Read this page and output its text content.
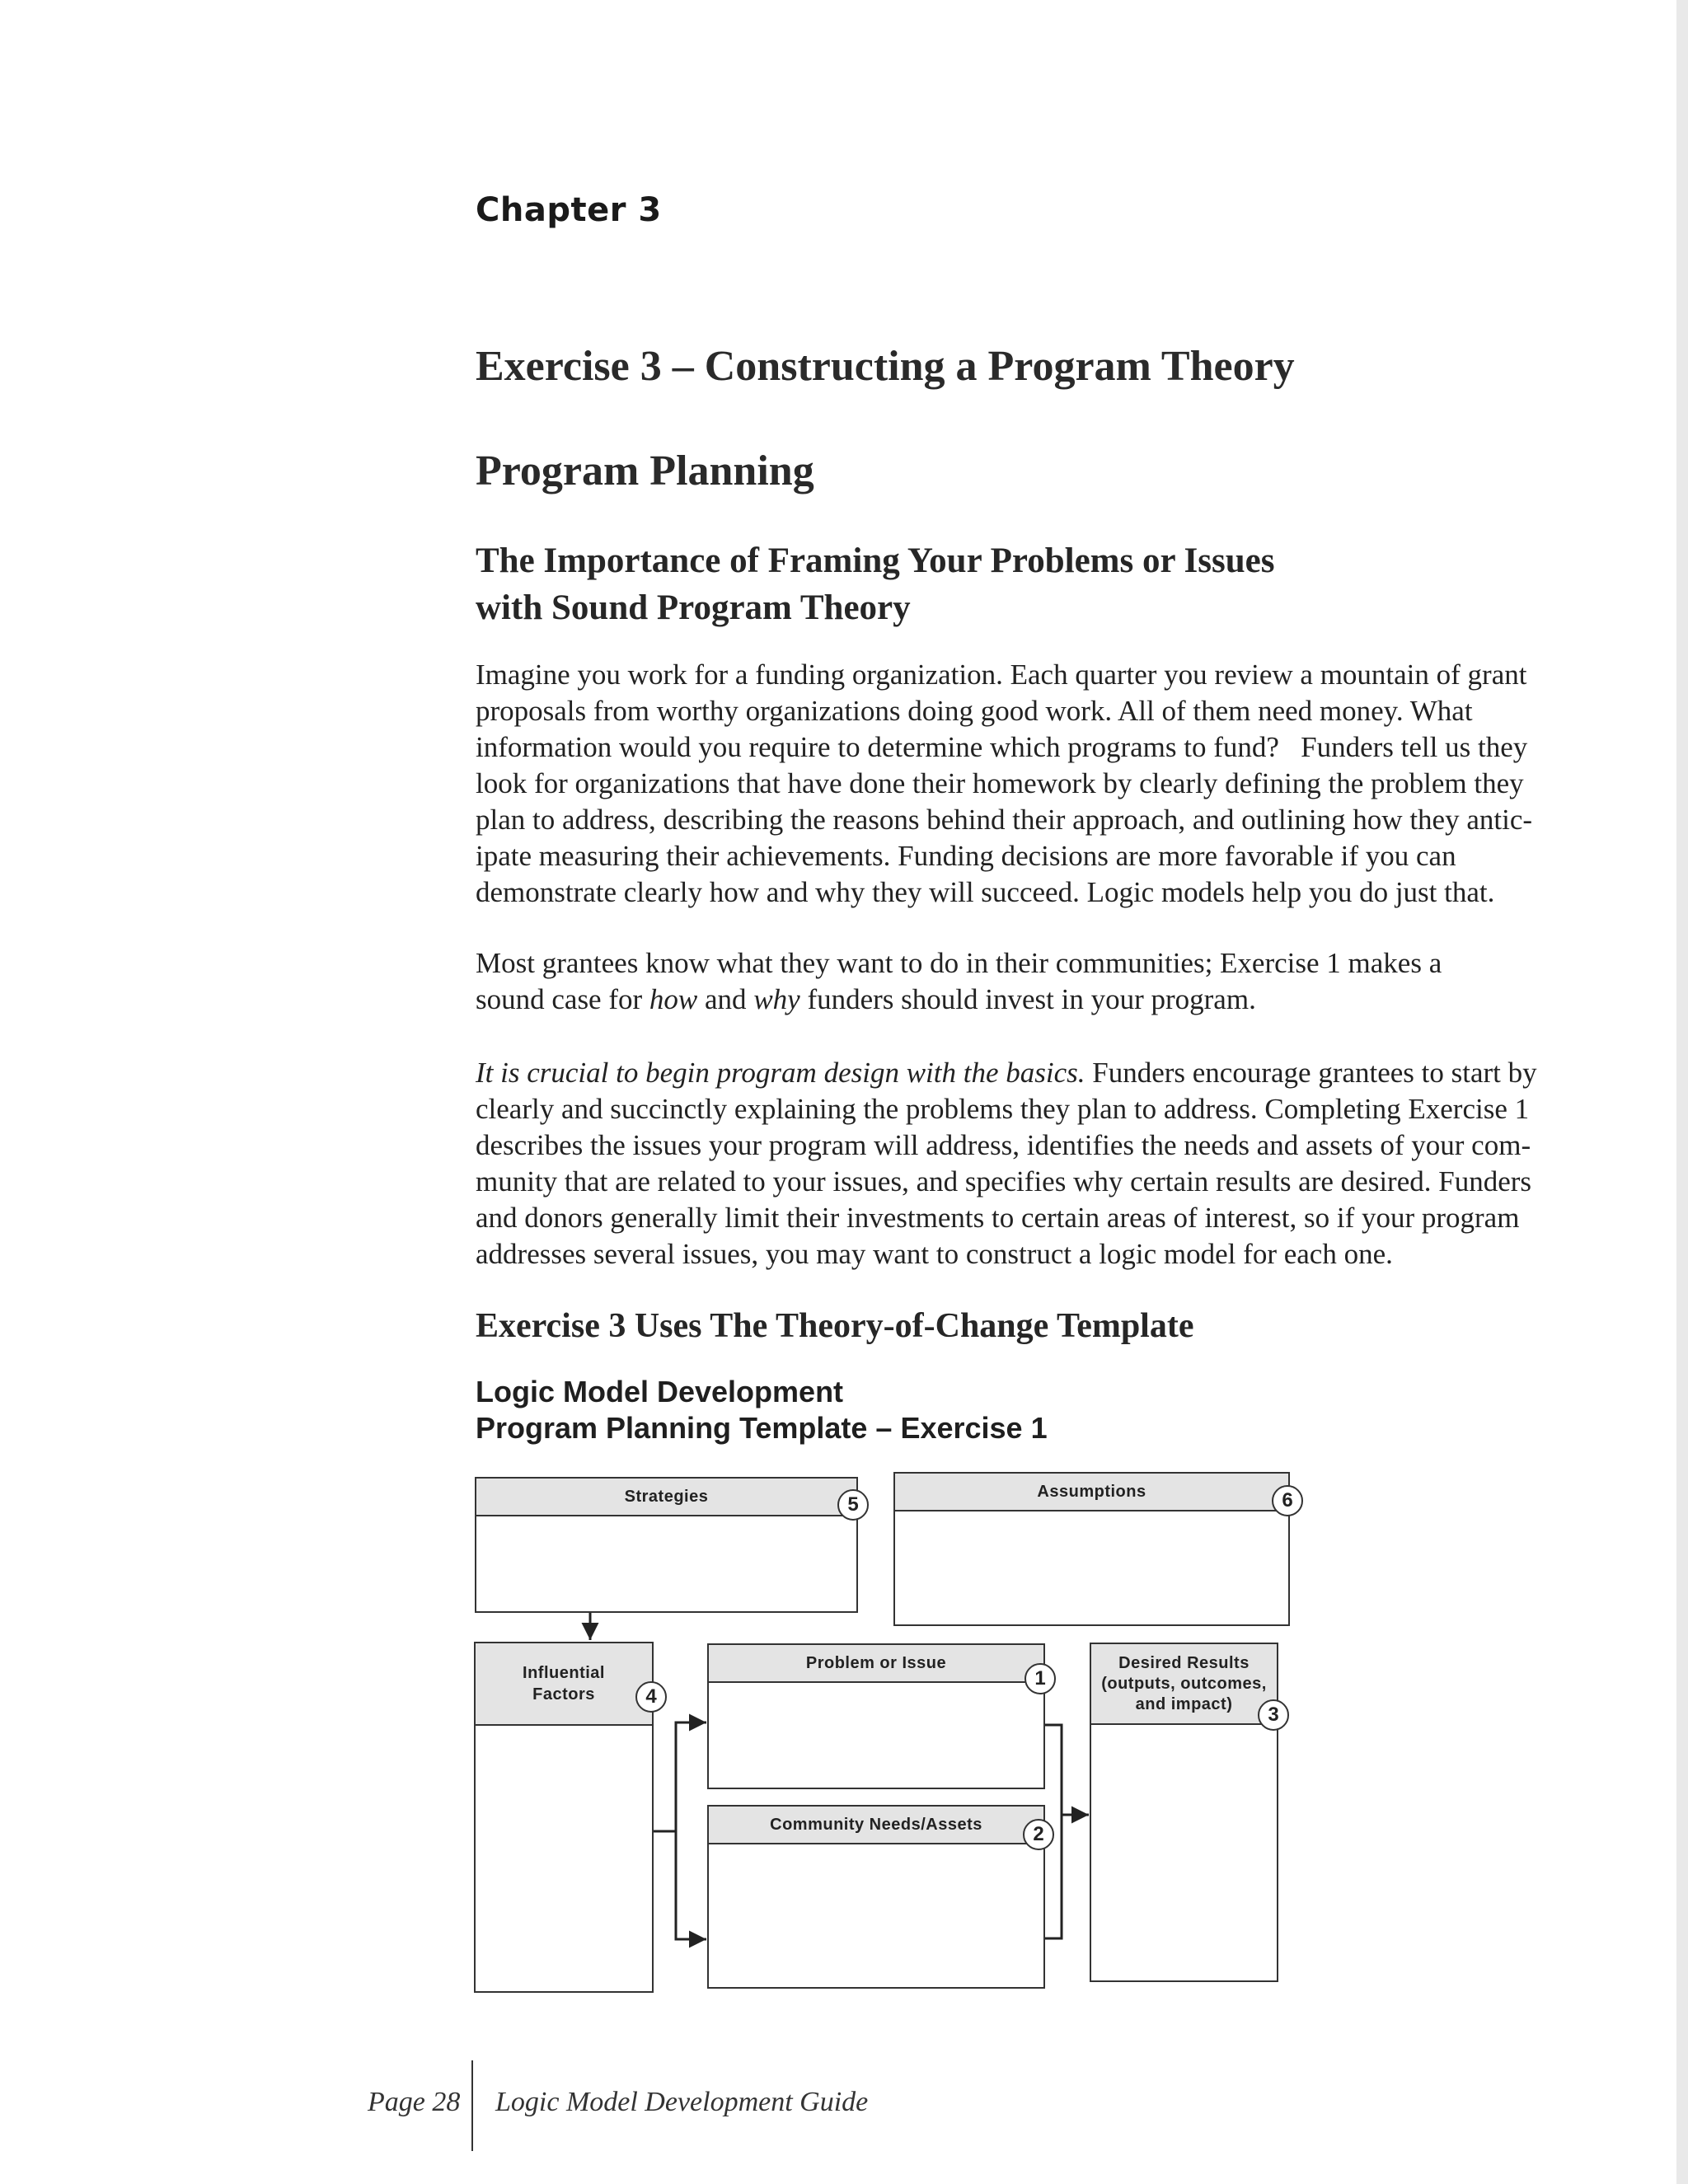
Chapter 3
Exercise 3 – Constructing a Program Theory
Program Planning
The Importance of Framing Your Problems or Issues
with Sound Program Theory
Imagine you work for a funding organization. Each quarter you review a mountain of grant
proposals from worthy organizations doing good work. All of them need money. What
information would you require to determine which programs to fund?   Funders tell us they
look for organizations that have done their homework by clearly defining the problem they
plan to address, describing the reasons behind their approach, and outlining how they antic-
ipate measuring their achievements. Funding decisions are more favorable if you can
demonstrate clearly how and why they will succeed. Logic models help you do just that.
Most grantees know what they want to do in their communities; Exercise 1 makes a
sound case for how and why funders should invest in your program.
It is crucial to begin program design with the basics. Funders encourage grantees to start by
clearly and succinctly explaining the problems they plan to address. Completing Exercise 1
describes the issues your program will address, identifies the needs and assets of your com-
munity that are related to your issues, and specifies why certain results are desired. Funders
and donors generally limit their investments to certain areas of interest, so if your program
addresses several issues, you may want to construct a logic model for each one.
Exercise 3 Uses The Theory-of-Change Template
Logic Model Development
Program Planning Template – Exercise 1
Strategies	5
Assumptions	6
Influential
Factors	4
Problem or Issue
1
Community Needs/Assets	2
Desired Results
(outputs, outcomes,
and impact)	3
Page 28 Logic Model Development Guide
